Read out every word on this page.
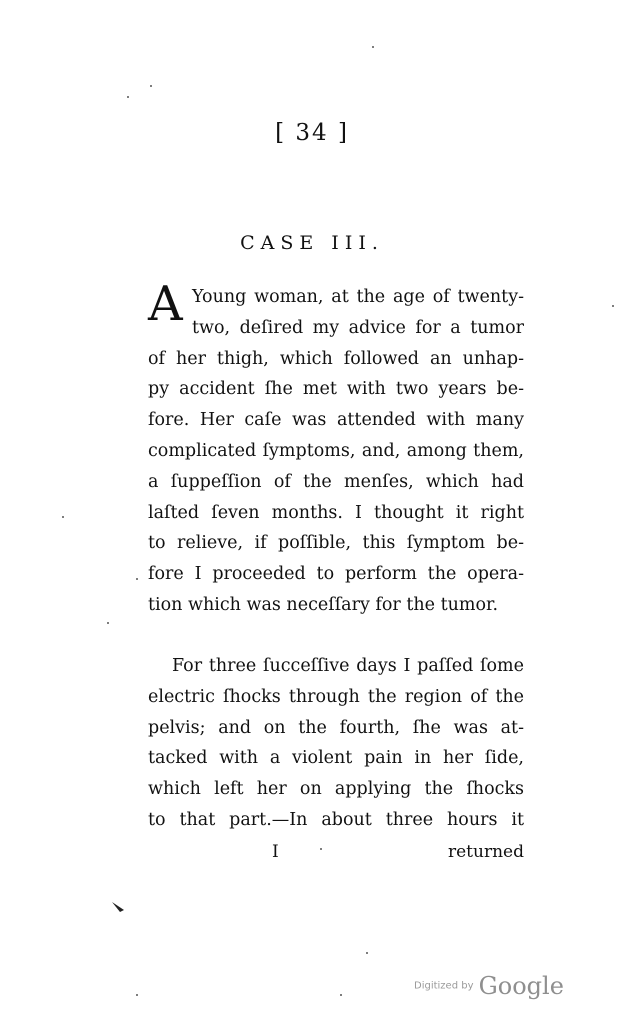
[ 34 ]
CASE III.
A Young woman, at the age of twenty-
two, deſired my advice for a tumor
of her thigh, which followed an unhap-
py accident ſhe met with two years be-
fore. Her caſe was attended with many
complicated ſymptoms, and, among them,
a ſuppeſſion of the menſes, which had
laſted ſeven months. I thought it right
to relieve, if poſſible, this ſymptom be-
fore I proceeded to perform the opera-
tion which was neceſſary for the tumor.
For three ſucceſſive days I paſſed ſome
electric ſhocks through the region of the
pelvis; and on the fourth, ſhe was at-
tacked with a violent pain in her ſide,
which left her on applying the ſhocks
to that part.—In about three hours it
I	returned
Digitized by Google
